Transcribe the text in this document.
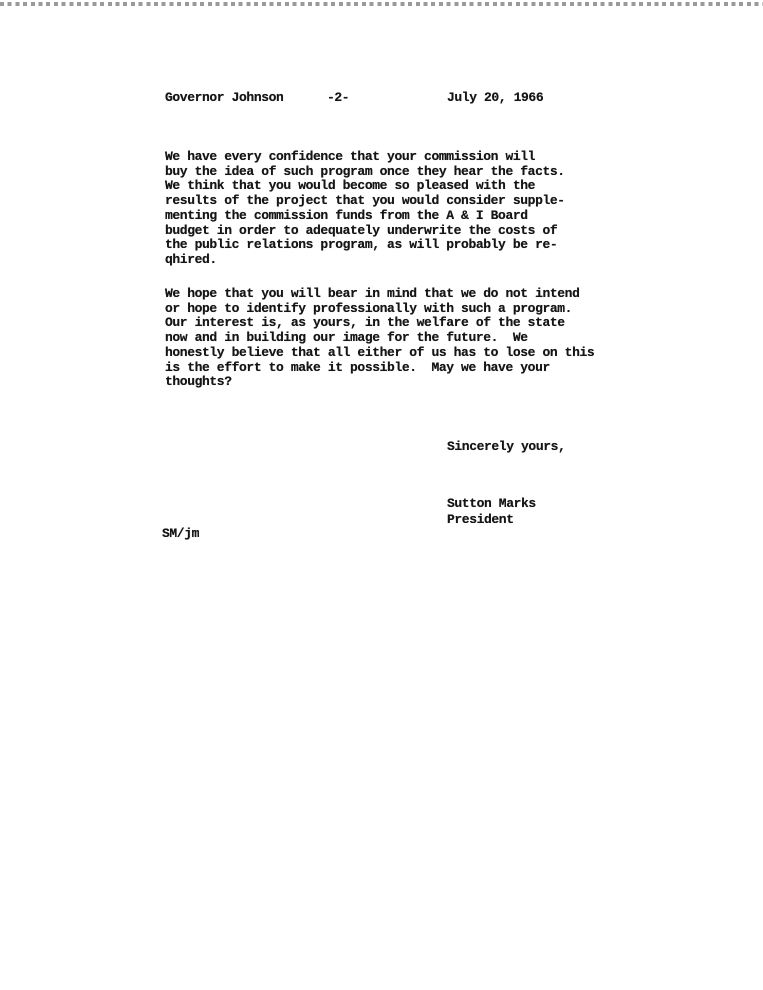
Governor Johnson	-2-	July 20, 1966
We have every confidence that your commission will
buy the idea of such program once they hear the facts.
We think that you would become so pleased with the
results of the project that you would consider supple-
menting the commission funds from the A & I Board
budget in order to adequately underwrite the costs of
the public relations program, as will probably be re-
qhired.
We hope that you will bear in mind that we do not intend
or hope to identify professionally with such a program.
Our interest is, as yours, in the welfare of the state
now and in building our image for the future.  We
honestly believe that all either of us has to lose on this
is the effort to make it possible.  May we have your
thoughts?
Sincerely yours,
Sutton Marks
President
SM/jm
